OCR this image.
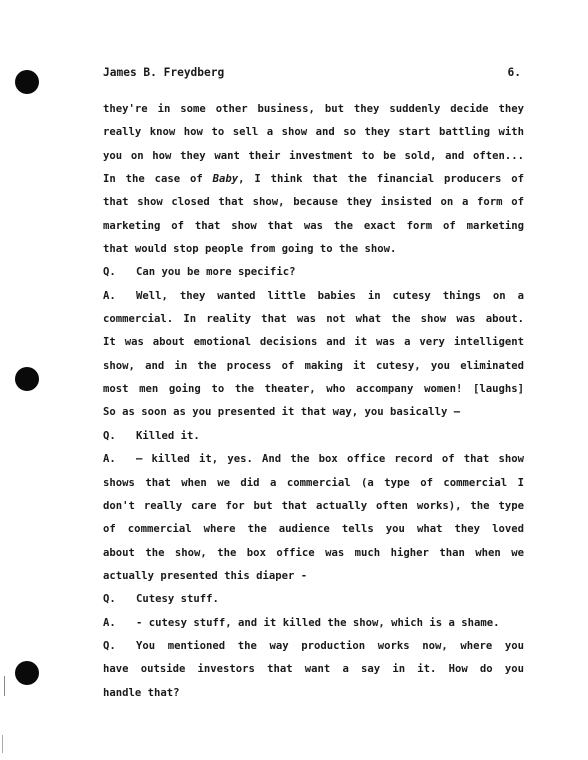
James B. Freydberg	6.
they're in some other business, but they suddenly decide they
really know how to sell a show and so they start battling with
you on how they want their investment to be sold, and often...
In the case of Baby, I think that the financial producers of
that show closed that show, because they insisted on a form of
marketing of that show that was the exact form of marketing
that would stop people from going to the show.
Q. Can you be more specific?
A. Well, they wanted little babies in cutesy things on a
commercial. In reality that was not what the show was about.
It was about emotional decisions and it was a very intelligent
show, and in the process of making it cutesy, you eliminated
most men going to the theater, who accompany women! [laughs]
So as soon as you presented it that way, you basically —
Q. Killed it.
A. — killed it, yes. And the box office record of that show
shows that when we did a commercial (a type of commercial I
don't really care for but that actually often works), the type
of commercial where the audience tells you what they loved
about the show, the box office was much higher than when we
actually presented this diaper -
Q. Cutesy stuff.
A. - cutesy stuff, and it killed the show, which is a shame.
Q. You mentioned the way production works now, where you
have outside investors that want a say in it. How do you
handle that?
